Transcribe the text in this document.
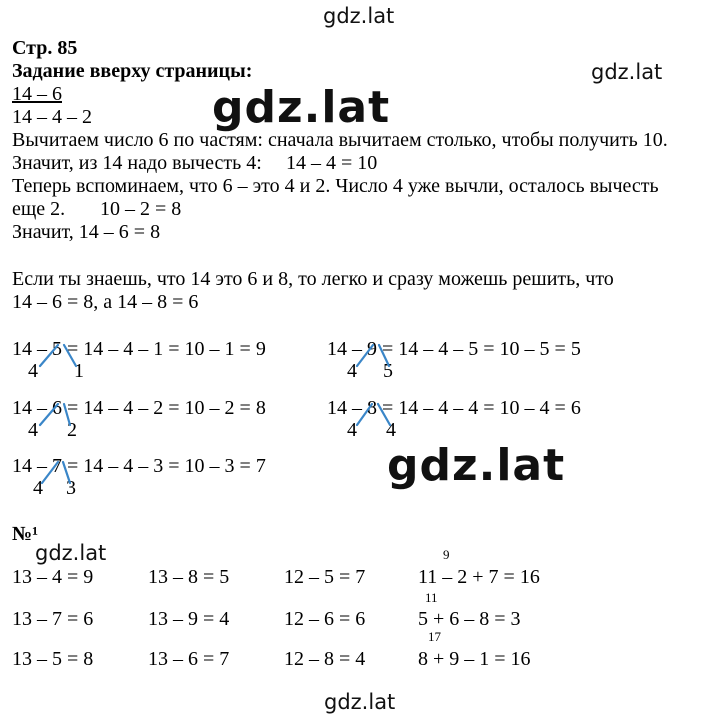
gdz.lat
gdz.lat
gdz.lat
gdz.lat
gdz.lat
gdz.lat
Стр. 85
Задание вверху страницы:
14 – 6
14 – 4 – 2
Вычитаем число 6 по частям: сначала вычитаем столько, чтобы получить 10.
Значит, из 14 надо вычесть 4: 14 – 4 = 10
Теперь вспоминаем, что 6 – это 4 и 2. Число 4 уже вычли, осталось вычесть
еще 2. 10 – 2 = 8
Значит, 14 – 6 = 8
Если ты знаешь, что 14 это 6 и 8, то легко и сразу можешь решить, что
14 – 6 = 8, а 14 – 8 = 6
14 – 5 = 14 – 4 – 1 = 10 – 1 = 9
4 1
14 – 9 = 14 – 4 – 5 = 10 – 5 = 5
4 5
14 – 6 = 14 – 4 – 2 = 10 – 2 = 8
4 2
14 – 8 = 14 – 4 – 4 = 10 – 4 = 6
4 4
14 – 7 = 14 – 4 – 3 = 10 – 3 = 7
4 3
№¹
9
13 – 4 = 9	13 – 8 = 5	12 – 5 = 7	11 – 2 + 7 = 16
11
13 – 7 = 6	13 – 9 = 4	12 – 6 = 6	5 + 6 – 8 = 3
17
13 – 5 = 8	13 – 6 = 7	12 – 8 = 4	8 + 9 – 1 = 16
